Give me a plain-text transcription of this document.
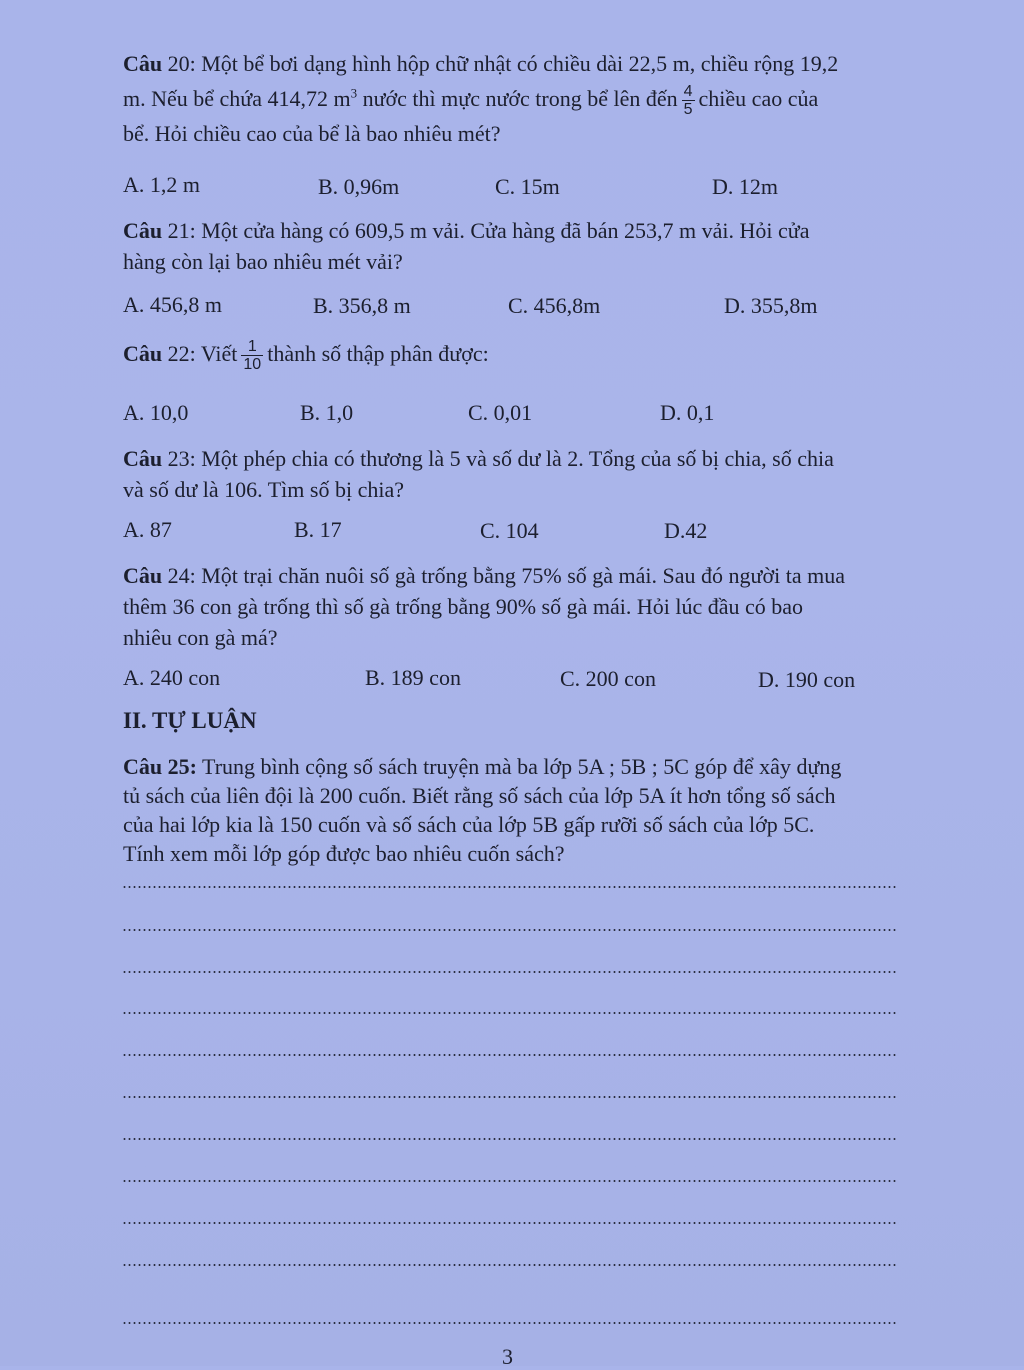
Câu 20: Một bể bơi dạng hình hộp chữ nhật có chiều dài 22,5 m, chiều rộng 19,2
m. Nếu bể chứa 414,72 $m^3$ nước thì mực nước trong bể lên đến $\frac{4}{5}$ chiều cao của
bể. Hỏi chiều cao của bể là bao nhiêu mét?
A. 1,2 m	B. 0,96m	C. 15m	D. 12m
Câu 21: Một cửa hàng có 609,5 m vải. Cửa hàng đã bán 253,7 m vải. Hỏi cửa
hàng còn lại bao nhiêu mét vải?
A. 456,8 m	B. 356,8 m	C. 456,8m	D. 355,8m
Câu 22: Viết $\frac{1}{10}$ thành số thập phân được:
A. 10,0	B. 1,0	C. 0,01	D. 0,1
Câu 23: Một phép chia có thương là 5 và số dư là 2. Tổng của số bị chia, số chia
và số dư là 106. Tìm số bị chia?
A. 87	B. 17	C. 104	D.42
Câu 24: Một trại chăn nuôi số gà trống bằng 75% số gà mái. Sau đó người ta mua
thêm 36 con gà trống thì số gà trống bằng 90% số gà mái. Hỏi lúc đầu có bao
nhiêu con gà má?
A. 240 con	B. 189 con	C. 200 con	D. 190 con
II. TỰ LUẬN
Câu 25: Trung bình cộng số sách truyện mà ba lớp 5A ; 5B ; 5C góp để xây dựng
tủ sách của liên đội là 200 cuốn. Biết rằng số sách của lớp 5A ít hơn tổng số sách
của hai lớp kia là 150 cuốn và số sách của lớp 5B gấp rưỡi số sách của lớp 5C.
Tính xem mỗi lớp góp được bao nhiêu cuốn sách?
3
